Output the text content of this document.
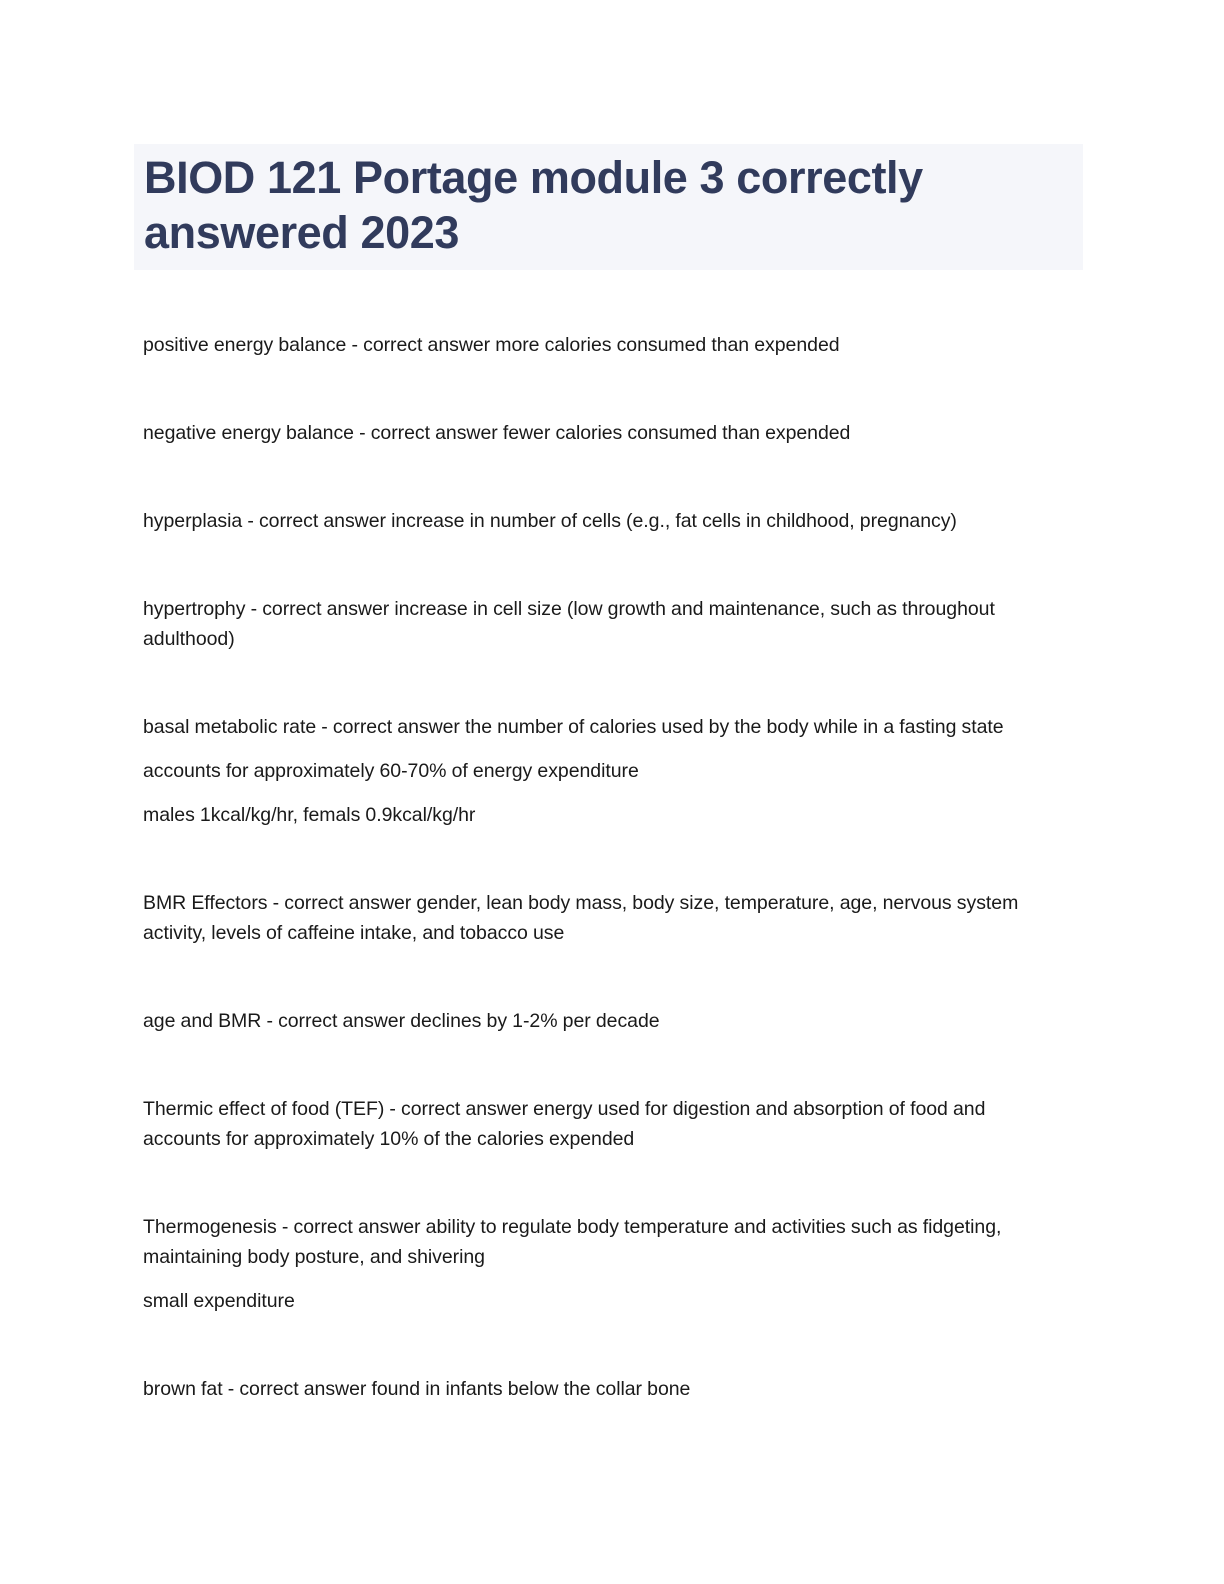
BIOD 121 Portage module 3 correctly answered 2023

positive energy balance - correct answer more calories consumed than expended

negative energy balance - correct answer fewer calories consumed than expended

hyperplasia - correct answer increase in number of cells (e.g., fat cells in childhood, pregnancy)

hypertrophy - correct answer increase in cell size (low growth and maintenance, such as throughout adulthood)

basal metabolic rate - correct answer the number of calories used by the body while in a fasting state

accounts for approximately 60-70% of energy expenditure

males 1kcal/kg/hr, femals 0.9kcal/kg/hr

BMR Effectors - correct answer gender, lean body mass, body size, temperature, age, nervous system activity, levels of caffeine intake, and tobacco use

age and BMR - correct answer declines by 1-2% per decade

Thermic effect of food (TEF) - correct answer energy used for digestion and absorption of food and accounts for approximately 10% of the calories expended

Thermogenesis - correct answer ability to regulate body temperature and activities such as fidgeting, maintaining body posture, and shivering

small expenditure

brown fat - correct answer found in infants below the collar bone
